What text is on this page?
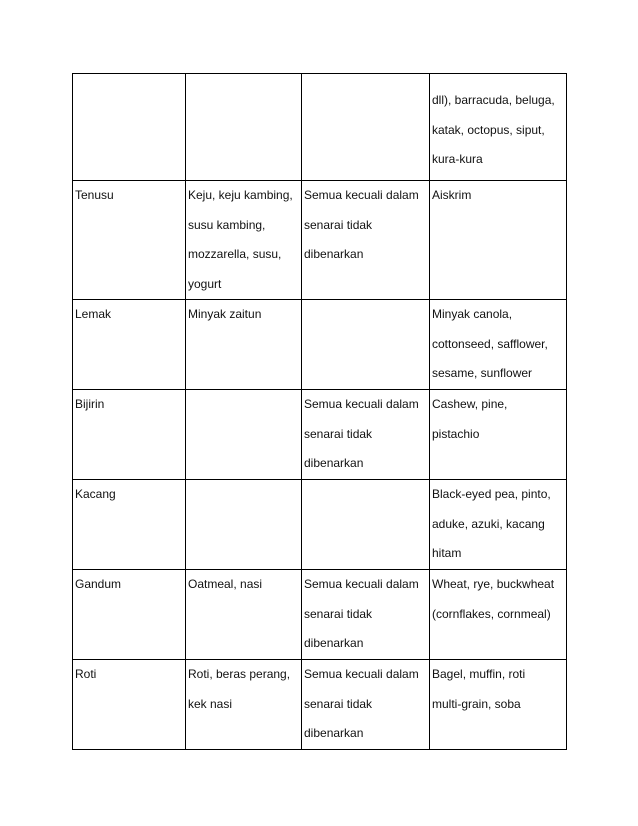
			dll), barracuda, beluga,
katak, octopus, siput,
kura-kura

Tenusu	Keju, keju kambing,
susu kambing,
mozzarella, susu,
yogurt	Semua kecuali dalam
senarai tidak
dibenarkan	Aiskrim

Lemak	Minyak zaitun		Minyak canola,
cottonseed, safflower,
sesame, sunflower

Bijirin		Semua kecuali dalam
senarai tidak
dibenarkan	Cashew, pine,
pistachio

Kacang			Black-eyed pea, pinto,
aduke, azuki, kacang
hitam

Gandum	Oatmeal, nasi	Semua kecuali dalam
senarai tidak
dibenarkan	Wheat, rye, buckwheat
(cornflakes, cornmeal)

Roti	Roti, beras perang,
kek nasi	Semua kecuali dalam
senarai tidak
dibenarkan	Bagel, muffin, roti
multi-grain, soba
